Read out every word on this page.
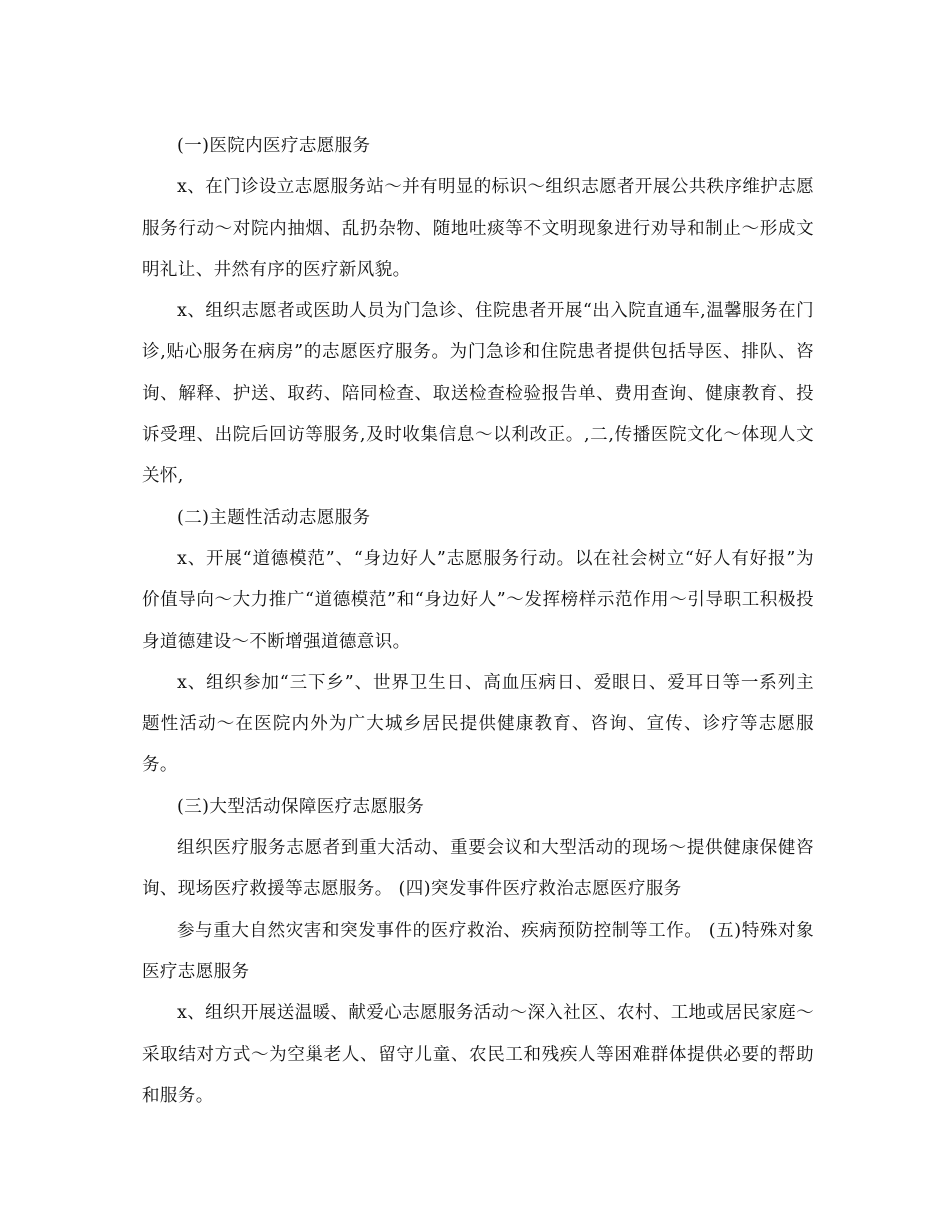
(一)医院内医疗志愿服务

x、在门诊设立志愿服务站～并有明显的标识～组织志愿者开展公共秩序维护志愿服务行动～对院内抽烟、乱扔杂物、随地吐痰等不文明现象进行劝导和制止～形成文明礼让、井然有序的医疗新风貌。

x、组织志愿者或医助人员为门急诊、住院患者开展“出入院直通车,温馨服务在门诊,贴心服务在病房”的志愿医疗服务。为门急诊和住院患者提供包括导医、排队、咨询、解释、护送、取药、陪同检查、取送检查检验报告单、费用查询、健康教育、投诉受理、出院后回访等服务,及时收集信息～以利改正。,二,传播医院文化～体现人文关怀,

(二)主题性活动志愿服务

x、开展“道德模范”、“身边好人”志愿服务行动。以在社会树立“好人有好报”为价值导向～大力推广“道德模范”和“身边好人”～发挥榜样示范作用～引导职工积极投身道德建设～不断增强道德意识。

x、组织参加“三下乡”、世界卫生日、高血压病日、爱眼日、爱耳日等一系列主题性活动～在医院内外为广大城乡居民提供健康教育、咨询、宣传、诊疗等志愿服务。

(三)大型活动保障医疗志愿服务

组织医疗服务志愿者到重大活动、重要会议和大型活动的现场～提供健康保健咨询、现场医疗救援等志愿服务。 (四)突发事件医疗救治志愿医疗服务

参与重大自然灾害和突发事件的医疗救治、疾病预防控制等工作。 (五)特殊对象医疗志愿服务

x、组织开展送温暖、献爱心志愿服务活动～深入社区、农村、工地或居民家庭～采取结对方式～为空巢老人、留守儿童、农民工和残疾人等困难群体提供必要的帮助和服务。
